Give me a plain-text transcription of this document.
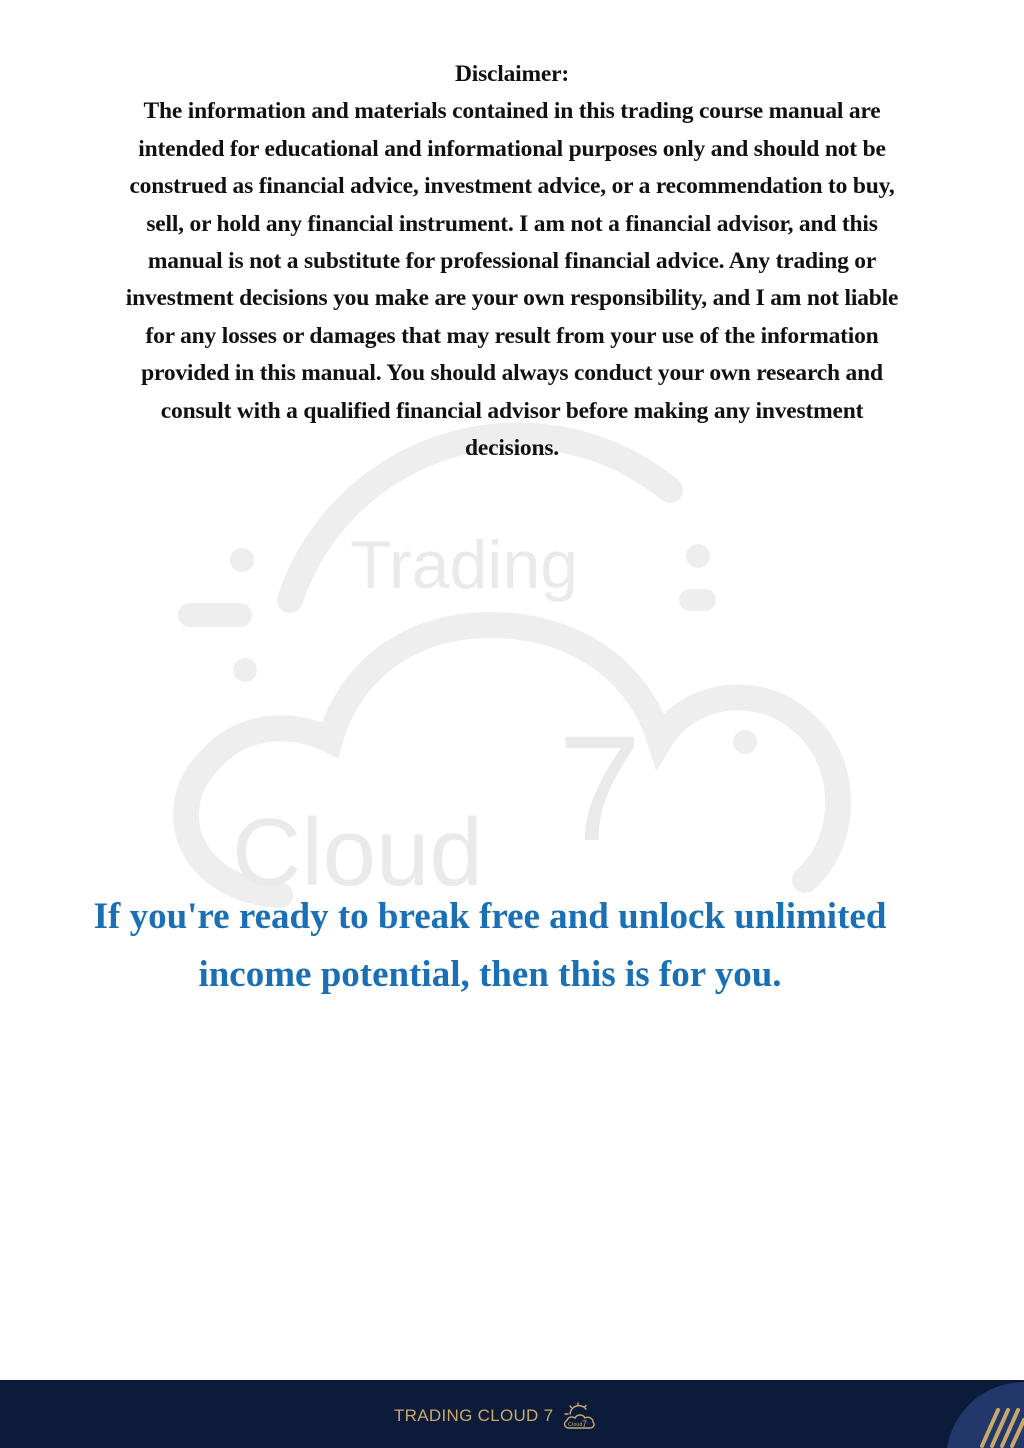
Trading
Cloud 7
Disclaimer:
The information and materials contained in this trading course manual are intended for educational and informational purposes only and should not be construed as financial advice, investment advice, or a recommendation to buy, sell, or hold any financial instrument. I am not a financial advisor, and this manual is not a substitute for professional financial advice. Any trading or investment decisions you make are your own responsibility, and I am not liable for any losses or damages that may result from your use of the information provided in this manual. You should always conduct your own research and consult with a qualified financial advisor before making any investment decisions.
If you're ready to break free and unlock unlimited income potential, then this is for you.
TRADING CLOUD 7	Cloud 7
